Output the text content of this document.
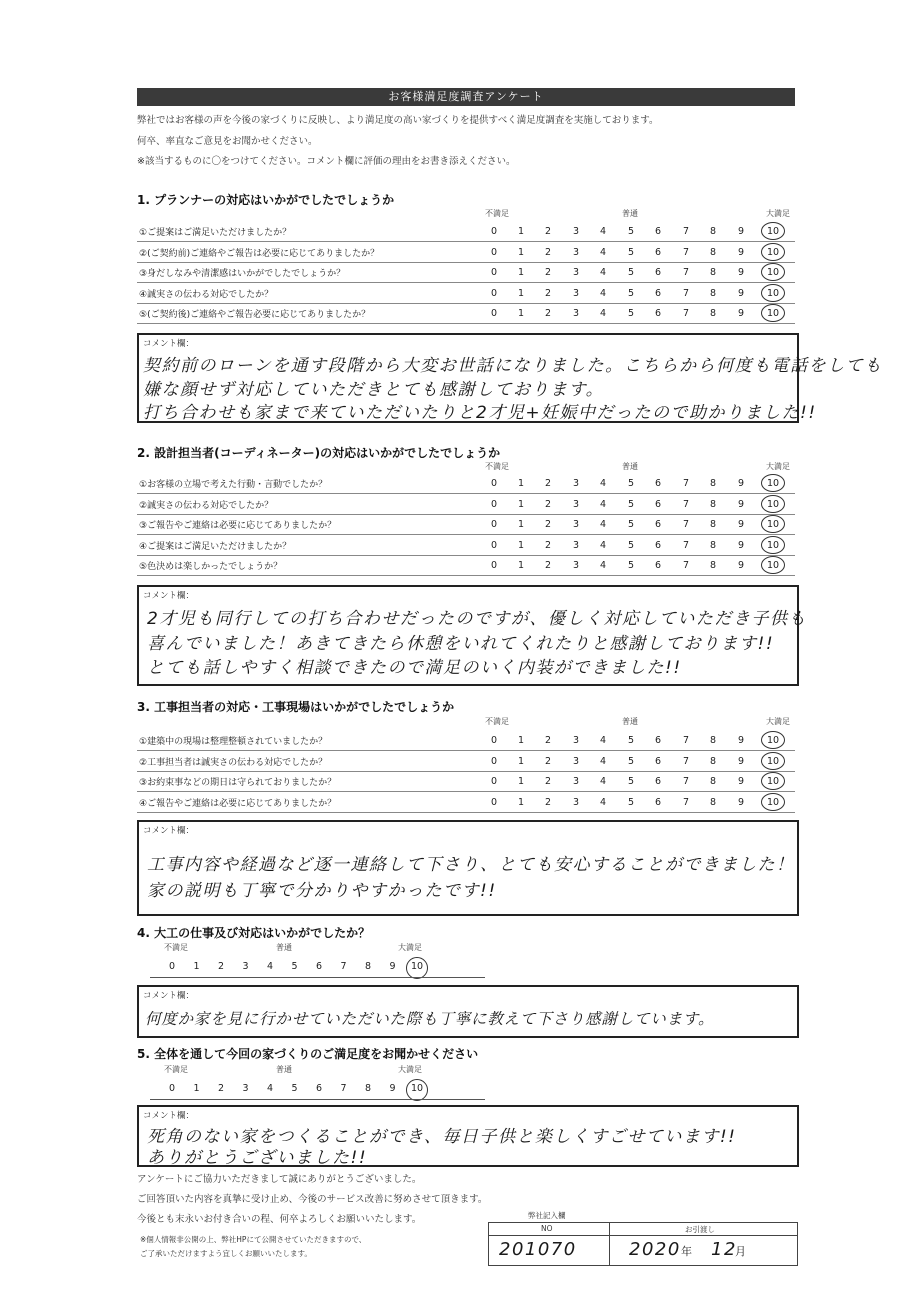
お客様満足度調査アンケート
弊社ではお客様の声を今後の家づくりに反映し、より満足度の高い家づくりを提供すべく満足度調査を実施しております。
何卒、率直なご意見をお聞かせください。
※該当するものに〇をつけてください。コメント欄に評価の理由をお書き添えください。
1. プランナーの対応はいかがでしたでしょうか
不満足	普通	大満足
①ご提案はご満足いただけましたか？	0	1	2	3	4	5	6	7	8	9	10
②(ご契約前)ご連絡やご報告は必要に応じてありましたか？	0	1	2	3	4	5	6	7	8	9	10
③身だしなみや清潔感はいかがでしたでしょうか？	0	1	2	3	4	5	6	7	8	9	10
④誠実さの伝わる対応でしたか？	0	1	2	3	4	5	6	7	8	9	10
⑤(ご契約後)ご連絡やご報告必要に応じてありましたか？	0	1	2	3	4	5	6	7	8	9	10
コメント欄：
契約前のローンを通す段階から大変お世話になりました。こちらから何度も電話をしても
嫌な顔せず対応していただきとても感謝しております。
打ち合わせも家まで来ていただいたりと2才児+妊娠中だったので助かりました!!
2. 設計担当者(コーディネーター)の対応はいかがでしたでしょうか
不満足	普通	大満足
①お客様の立場で考えた行動・言動でしたか？	0	1	2	3	4	5	6	7	8	9	10
②誠実さの伝わる対応でしたか？	0	1	2	3	4	5	6	7	8	9	10
③ご報告やご連絡は必要に応じてありましたか？	0	1	2	3	4	5	6	7	8	9	10
④ご提案はご満足いただけましたか？	0	1	2	3	4	5	6	7	8	9	10
⑤色決めは楽しかったでしょうか？	0	1	2	3	4	5	6	7	8	9	10
コメント欄：
2才児も同行しての打ち合わせだったのですが、優しく対応していただき子供も
喜んでいました！あきてきたら休憩をいれてくれたりと感謝しております!!
とても話しやすく相談できたので満足のいく内装ができました!!
3. 工事担当者の対応・工事現場はいかがでしたでしょうか
不満足	普通	大満足
①建築中の現場は整理整頓されていましたか？	0	1	2	3	4	5	6	7	8	9	10
②工事担当者は誠実さの伝わる対応でしたか？	0	1	2	3	4	5	6	7	8	9	10
③お約束事などの期日は守られておりましたか？	0	1	2	3	4	5	6	7	8	9	10
④ご報告やご連絡は必要に応じてありましたか？	0	1	2	3	4	5	6	7	8	9	10
コメント欄：
工事内容や経過など逐一連絡して下さり、とても安心することができました！
家の説明も丁寧で分かりやすかったです!!
4. 大工の仕事及び対応はいかがでしたか？
不満足	普通	大満足
0	1	2	3	4	5	6	7	8	9	10
コメント欄：
何度か家を見に行かせていただいた際も丁寧に教えて下さり感謝しています。
5. 全体を通して今回の家づくりのご満足度をお聞かせください
不満足	普通	大満足
0	1	2	3	4	5	6	7	8	9	10
コメント欄：
死角のない家をつくることができ、毎日子供と楽しくすごせています!!
ありがとうございました!!
アンケートにご協力いただきまして誠にありがとうございました。
ご回答頂いた内容を真摯に受け止め、今後のサービス改善に努めさせて頂きます。
今後とも末永いお付き合いの程、何卒よろしくお願いいたします。
※個人情報非公開の上、弊社HPにて公開させていただきますので、
ご了承いただけますよう宜しくお願いいたします。
弊社記入欄
NO	お引渡し
201070	2020 年 12
月
